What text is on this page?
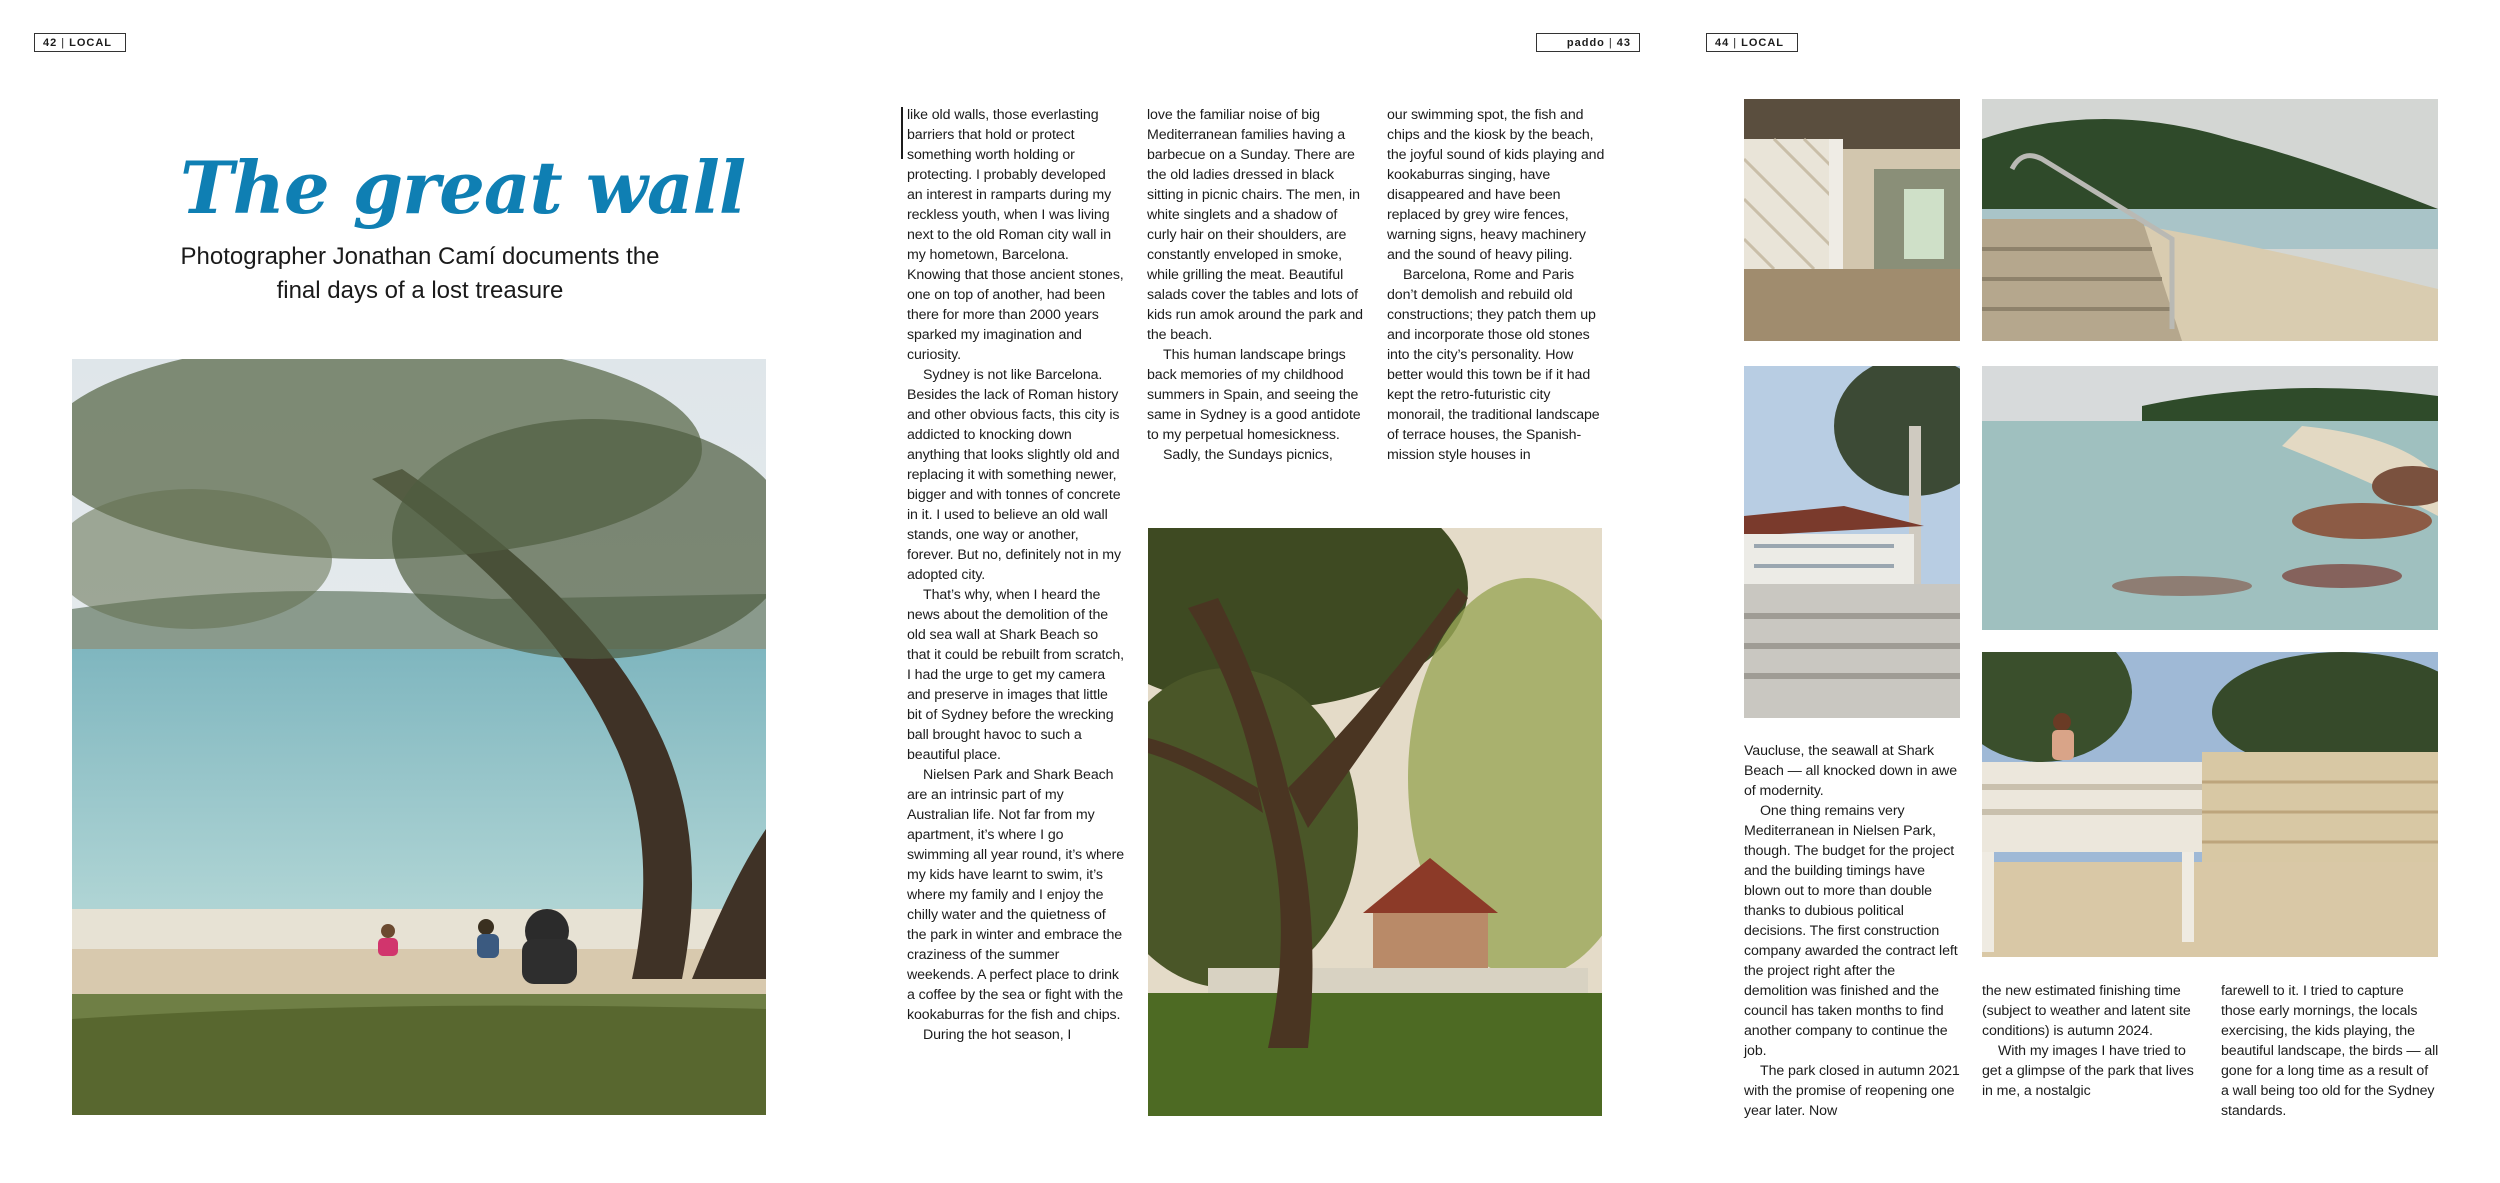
42 | LOCAL	paddo | 43	44 | LOCAL
The great wall
Photographer Jonathan Camí documents the final days of a lost treasure

like old walls, those everlasting barriers that hold or protect something worth holding or protecting. I probably developed an interest in ramparts during my reckless youth, when I was living next to the old Roman city wall in my hometown, Barcelona. Knowing that those ancient stones, one on top of another, had been there for more than 2000 years sparked my imagination and curiosity.

Sydney is not like Barcelona. Besides the lack of Roman history and other obvious facts, this city is addicted to knocking down anything that looks slightly old and replacing it with something newer, bigger and with tonnes of concrete in it. I used to believe an old wall stands, one way or another, forever. But no, definitely not in my adopted city.

That’s why, when I heard the news about the demolition of the old sea wall at Shark Beach so that it could be rebuilt from scratch, I had the urge to get my camera and preserve in images that little bit of Sydney before the wrecking ball brought havoc to such a beautiful place.

Nielsen Park and Shark Beach are an intrinsic part of my Australian life. Not far from my apartment, it’s where I go swimming all year round, it’s where my kids have learnt to swim, it’s where my family and I enjoy the chilly water and the quietness of the park in winter and embrace the craziness of the summer weekends. A perfect place to drink a coffee by the sea or fight with the kookaburras for the fish and chips.

During the hot season, I

love the familiar noise of big Mediterranean families having a barbecue on a Sunday. There are the old ladies dressed in black sitting in picnic chairs. The men, in white singlets and a shadow of curly hair on their shoulders, are constantly enveloped in smoke, while grilling the meat. Beautiful salads cover the tables and lots of kids run amok around the park and the beach.

This human landscape brings back memories of my childhood summers in Spain, and seeing the same in Sydney is a good antidote to my perpetual homesickness.

Sadly, the Sundays picnics,

our swimming spot, the fish and chips and the kiosk by the beach, the joyful sound of kids playing and kookaburras singing, have disappeared and have been replaced by grey wire fences, warning signs, heavy machinery and the sound of heavy piling.

Barcelona, Rome and Paris don’t demolish and rebuild old constructions; they patch them up and incorporate those old stones into the city’s personality. How better would this town be if it had kept the retro-futuristic city monorail, the traditional landscape of terrace houses, the Spanish-mission style houses in

Vaucluse, the seawall at Shark Beach — all knocked down in awe of modernity.

One thing remains very Mediterranean in Nielsen Park, though. The budget for the project and the building timings have blown out to more than double thanks to dubious political decisions. The first construction company awarded the contract left the project right after the demolition was finished and the council has taken months to find another company to continue the job.

The park closed in autumn 2021 with the promise of reopening one year later. Now

the new estimated finishing time (subject to weather and latent site conditions) is autumn 2024.

With my images I have tried to get a glimpse of the park that lives in me, a nostalgic

farewell to it. I tried to capture those early mornings, the locals exercising, the kids playing, the beautiful landscape, the birds — all gone for a long time as a result of a wall being too old for the Sydney standards.
